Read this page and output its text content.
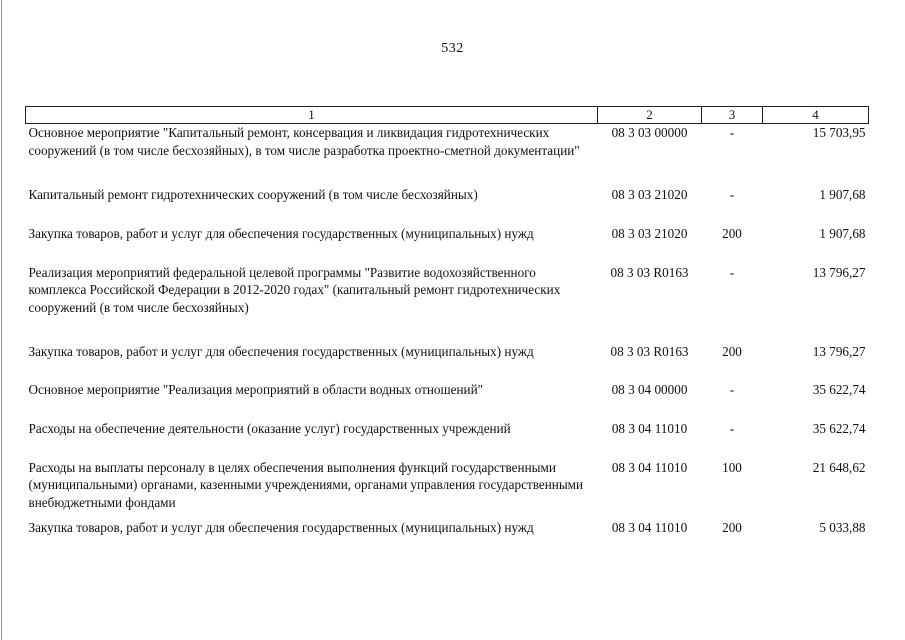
532
1	2	3	4
Основное мероприятие "Капитальный ремонт, консервация и ликвидация гидротехнических сооружений (в том числе бесхозяйных), в том числе разработка проектно-сметной документации"	08 3 03 00000	-	15 703,95
Капитальный ремонт гидротехнических сооружений (в том числе бесхозяйных)	08 3 03 21020	-	1 907,68
Закупка товаров, работ и услуг для обеспечения государственных (муниципальных) нужд	08 3 03 21020	200	1 907,68
Реализация мероприятий федеральной целевой программы "Развитие водохозяйственного комплекса Российской Федерации в 2012-2020 годах" (капитальный ремонт гидротехнических сооружений (в том числе бесхозяйных)	08 3 03 R0163	-	13 796,27
Закупка товаров, работ и услуг для обеспечения государственных (муниципальных) нужд	08 3 03 R0163	200	13 796,27
Основное мероприятие "Реализация мероприятий в области водных отношений"	08 3 04 00000	-	35 622,74
Расходы на обеспечение деятельности (оказание услуг) государственных учреждений	08 3 04 11010	-	35 622,74
Расходы на выплаты персоналу в целях обеспечения выполнения функций государственными (муниципальными) органами, казенными учреждениями, органами управления государственными внебюджетными фондами	08 3 04 11010	100	21 648,62
Закупка товаров, работ и услуг для обеспечения государственных (муниципальных) нужд	08 3 04 11010	200	5 033,88
